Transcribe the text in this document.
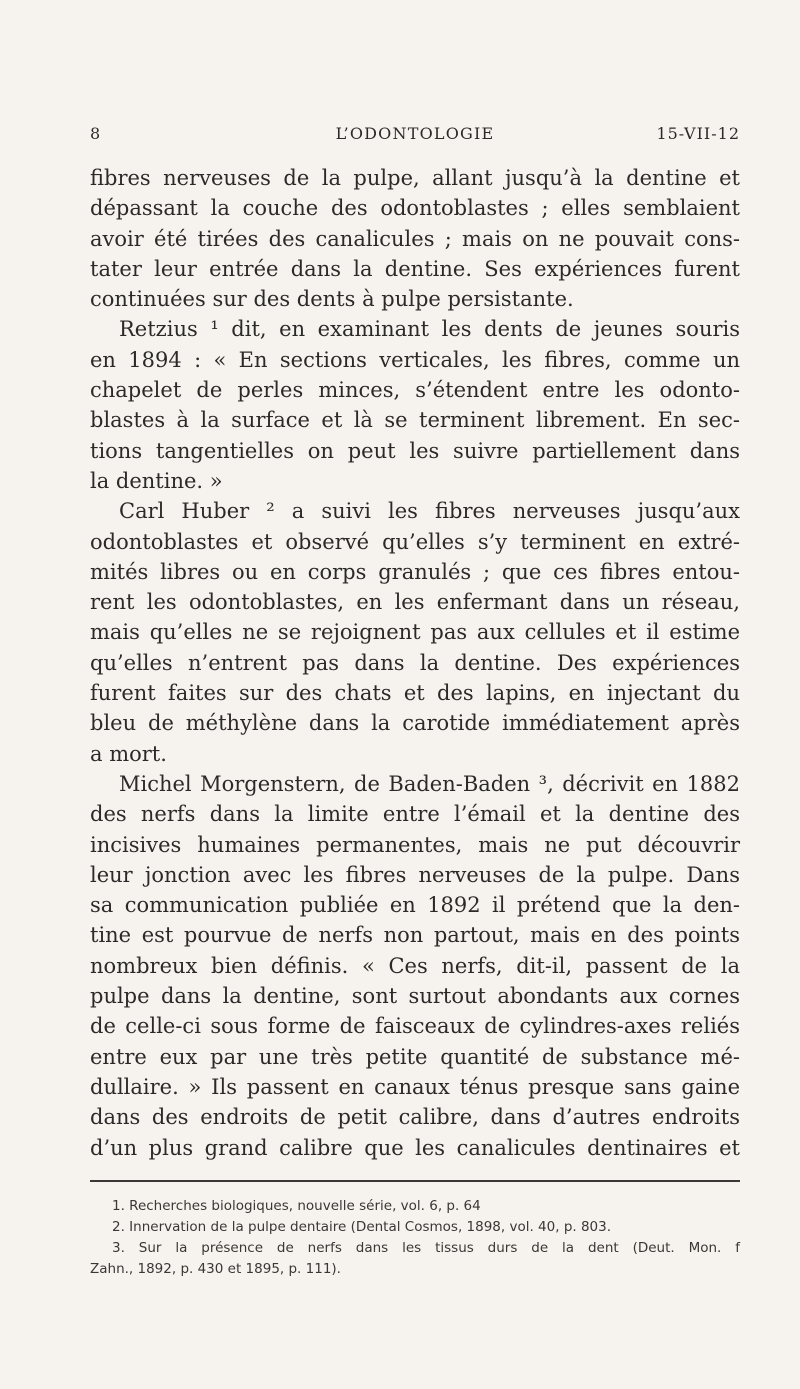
8	L’ODONTOLOGIE	15-VII-12
fibres nerveuses de la pulpe, allant jusqu’à la dentine et
dépassant la couche des odontoblastes ; elles semblaient
avoir été tirées des canalicules ; mais on ne pouvait cons-
tater leur entrée dans la dentine. Ses expériences furent
continuées sur des dents à pulpe persistante.
Retzius ¹ dit, en examinant les dents de jeunes souris
en 1894 : « En sections verticales, les fibres, comme un
chapelet de perles minces, s’étendent entre les odonto-
blastes à la surface et là se terminent librement. En sec-
tions tangentielles on peut les suivre partiellement dans
la dentine. »
Carl Huber ² a suivi les fibres nerveuses jusqu’aux
odontoblastes et observé qu’elles s’y terminent en extré-
mités libres ou en corps granulés ; que ces fibres entou-
rent les odontoblastes, en les enfermant dans un réseau,
mais qu’elles ne se rejoignent pas aux cellules et il estime
qu’elles n’entrent pas dans la dentine. Des expériences
furent faites sur des chats et des lapins, en injectant du
bleu de méthylène dans la carotide immédiatement après
a mort.
Michel Morgenstern, de Baden-Baden ³, décrivit en 1882
des nerfs dans la limite entre l’émail et la dentine des
incisives humaines permanentes, mais ne put découvrir
leur jonction avec les fibres nerveuses de la pulpe. Dans
sa communication publiée en 1892 il prétend que la den-
tine est pourvue de nerfs non partout, mais en des points
nombreux bien définis. « Ces nerfs, dit-il, passent de la
pulpe dans la dentine, sont surtout abondants aux cornes
de celle-ci sous forme de faisceaux de cylindres-axes reliés
entre eux par une très petite quantité de substance mé-
dullaire. » Ils passent en canaux ténus presque sans gaine
dans des endroits de petit calibre, dans d’autres endroits
d’un plus grand calibre que les canalicules dentinaires et
1. Recherches biologiques, nouvelle série, vol. 6, p. 64
2. Innervation de la pulpe dentaire (Dental Cosmos, 1898, vol. 40, p. 803.
3. Sur la présence de nerfs dans les tissus durs de la dent (Deut. Mon. f
Zahn., 1892, p. 430 et 1895, p. 111).
